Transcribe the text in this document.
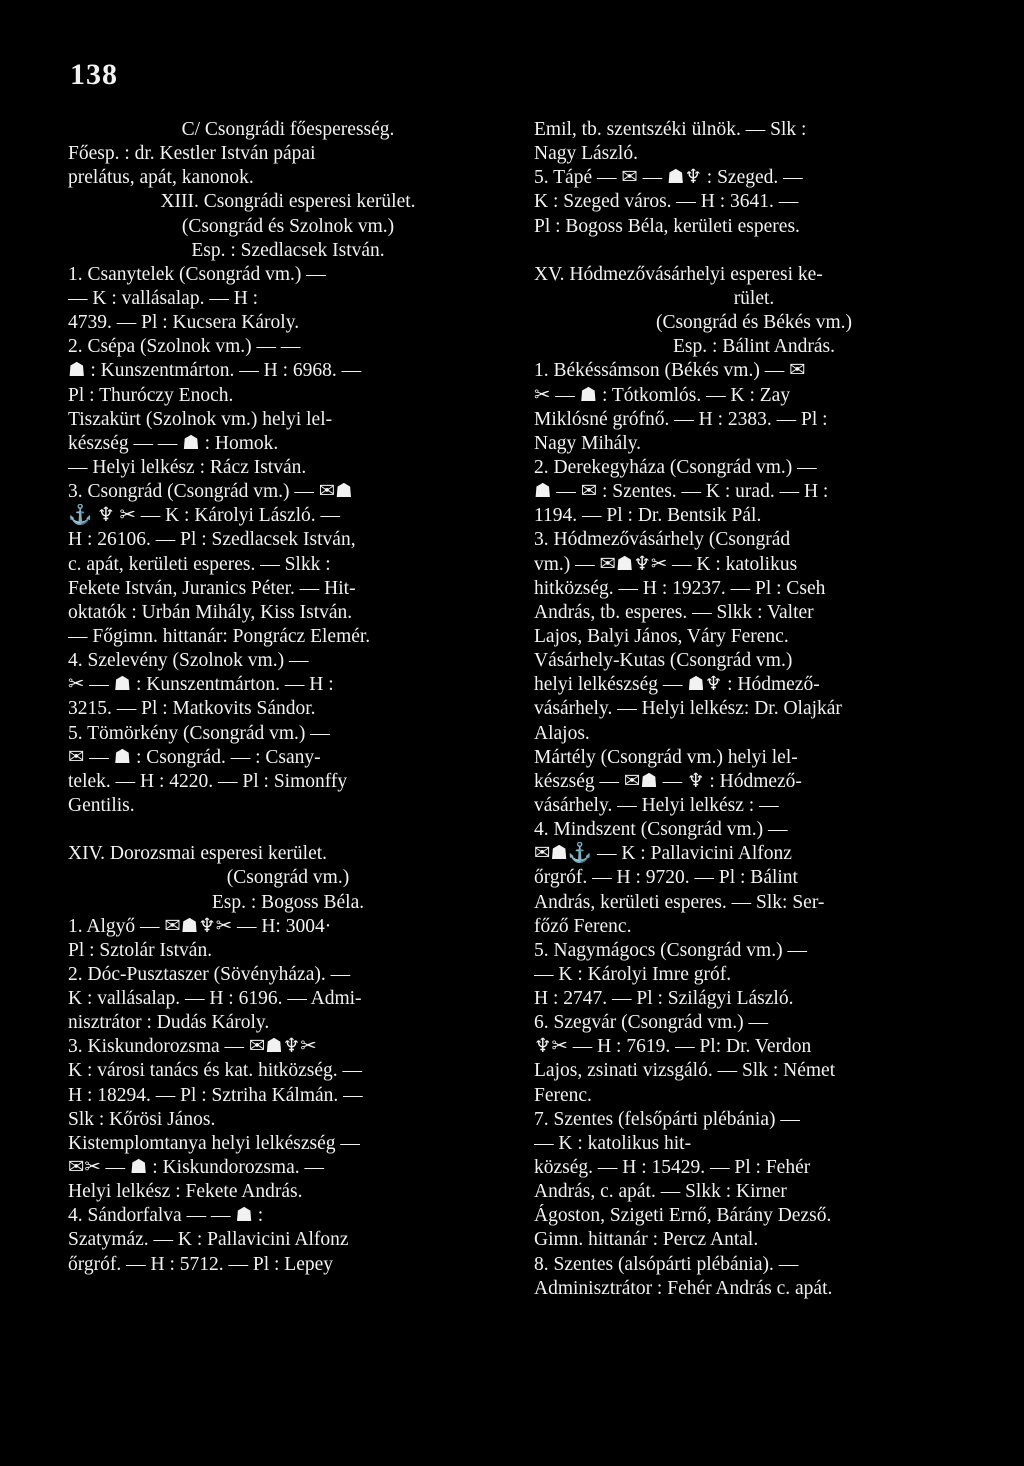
138
C/ Csongrádi főesperesség.
Főesp. : dr. Kestler István pápai
prelátus, apát, kanonok.
XIII. Csongrádi esperesi kerület.
(Csongrád és Szolnok vm.)
Esp. : Szedlacsek István.
1. Csanytelek (Csongrád vm.) —
— K : vallásalap. — H :
4739. — Pl : Kucsera Károly.
2. Csépa (Szolnok vm.) — —
☗ : Kunszentmárton. — H : 6968. —
Pl : Thuróczy Enoch.
Tiszakürt (Szolnok vm.) helyi lel-
készség — — ☗ : Homok.
— Helyi lelkész : Rácz István.
3. Csongrád (Csongrád vm.) — ✉☗
⚓ ♆ ✂ — K : Károlyi László. —
H : 26106. — Pl : Szedlacsek István,
c. apát, kerületi esperes. — Slkk :
Fekete István, Juranics Péter. — Hit-
oktatók : Urbán Mihály, Kiss István.
— Főgimn. hittanár: Pongrácz Elemér.
4. Szelevény (Szolnok vm.) —
✂ — ☗ : Kunszentmárton. — H :
3215. — Pl : Matkovits Sándor.
5. Tömörkény (Csongrád vm.) —
✉ — ☗ : Csongrád. — : Csany-
telek. — H : 4220. — Pl : Simonffy
Gentilis.
XIV. Dorozsmai esperesi kerület.
(Csongrád vm.)
Esp. : Bogoss Béla.
1. Algyő — ✉☗♆✂ — H: 3004·
Pl : Sztolár István.
2. Dóc-Pusztaszer (Sövényháza). —
K : vallásalap. — H : 6196. — Admi-
nisztrátor : Dudás Károly.
3. Kiskundorozsma — ✉☗♆✂
K : városi tanács és kat. hitközség. —
H : 18294. — Pl : Sztriha Kálmán. —
Slk : Kőrösi János.
Kistemplomtanya helyi lelkészség —
✉✂ — ☗ : Kiskundorozsma. —
Helyi lelkész : Fekete András.
4. Sándorfalva — — ☗ :
Szatymáz. — K : Pallavicini Alfonz
őrgróf. — H : 5712. — Pl : Lepey
Emil, tb. szentszéki ülnök. — Slk :
Nagy László.
5. Tápé — ✉ — ☗♆ : Szeged. —
K : Szeged város. — H : 3641. —
Pl : Bogoss Béla, kerületi esperes.
XV. Hódmezővásárhelyi esperesi ke-
rület.
(Csongrád és Békés vm.)
Esp. : Bálint András.
1. Békéssámson (Békés vm.) — ✉
✂ — ☗ : Tótkomlós. — K : Zay
Miklósné grófnő. — H : 2383. — Pl :
Nagy Mihály.
2. Derekegyháza (Csongrád vm.) —
☗ — ✉ : Szentes. — K : urad. — H :
1194. — Pl : Dr. Bentsik Pál.
3. Hódmezővásárhely (Csongrád
vm.) — ✉☗♆✂ — K : katolikus
hitközség. — H : 19237. — Pl : Cseh
András, tb. esperes. — Slkk : Valter
Lajos, Balyi János, Váry Ferenc.
Vásárhely-Kutas (Csongrád vm.)
helyi lelkészség — ☗♆ : Hódmező-
vásárhely. — Helyi lelkész: Dr. Olajkár
Alajos.
Mártély (Csongrád vm.) helyi lel-
készség — ✉☗ — ♆ : Hódmező-
vásárhely. — Helyi lelkész : —
4. Mindszent (Csongrád vm.) —
✉☗⚓ — K : Pallavicini Alfonz
őrgróf. — H : 9720. — Pl : Bálint
András, kerületi esperes. — Slk: Ser-
főző Ferenc.
5. Nagymágocs (Csongrád vm.) —
— K : Károlyi Imre gróf.
H : 2747. — Pl : Szilágyi László.
6. Szegvár (Csongrád vm.) —
♆✂ — H : 7619. — Pl: Dr. Verdon
Lajos, zsinati vizsgáló. — Slk : Német
Ferenc.
7. Szentes (felsőpárti plébánia) —
— K : katolikus hit-
község. — H : 15429. — Pl : Fehér
András, c. apát. — Slkk : Kirner
Ágoston, Szigeti Ernő, Bárány Dezső.
Gimn. hittanár : Percz Antal.
8. Szentes (alsópárti plébánia). —
Adminisztrátor : Fehér András c. apát.
